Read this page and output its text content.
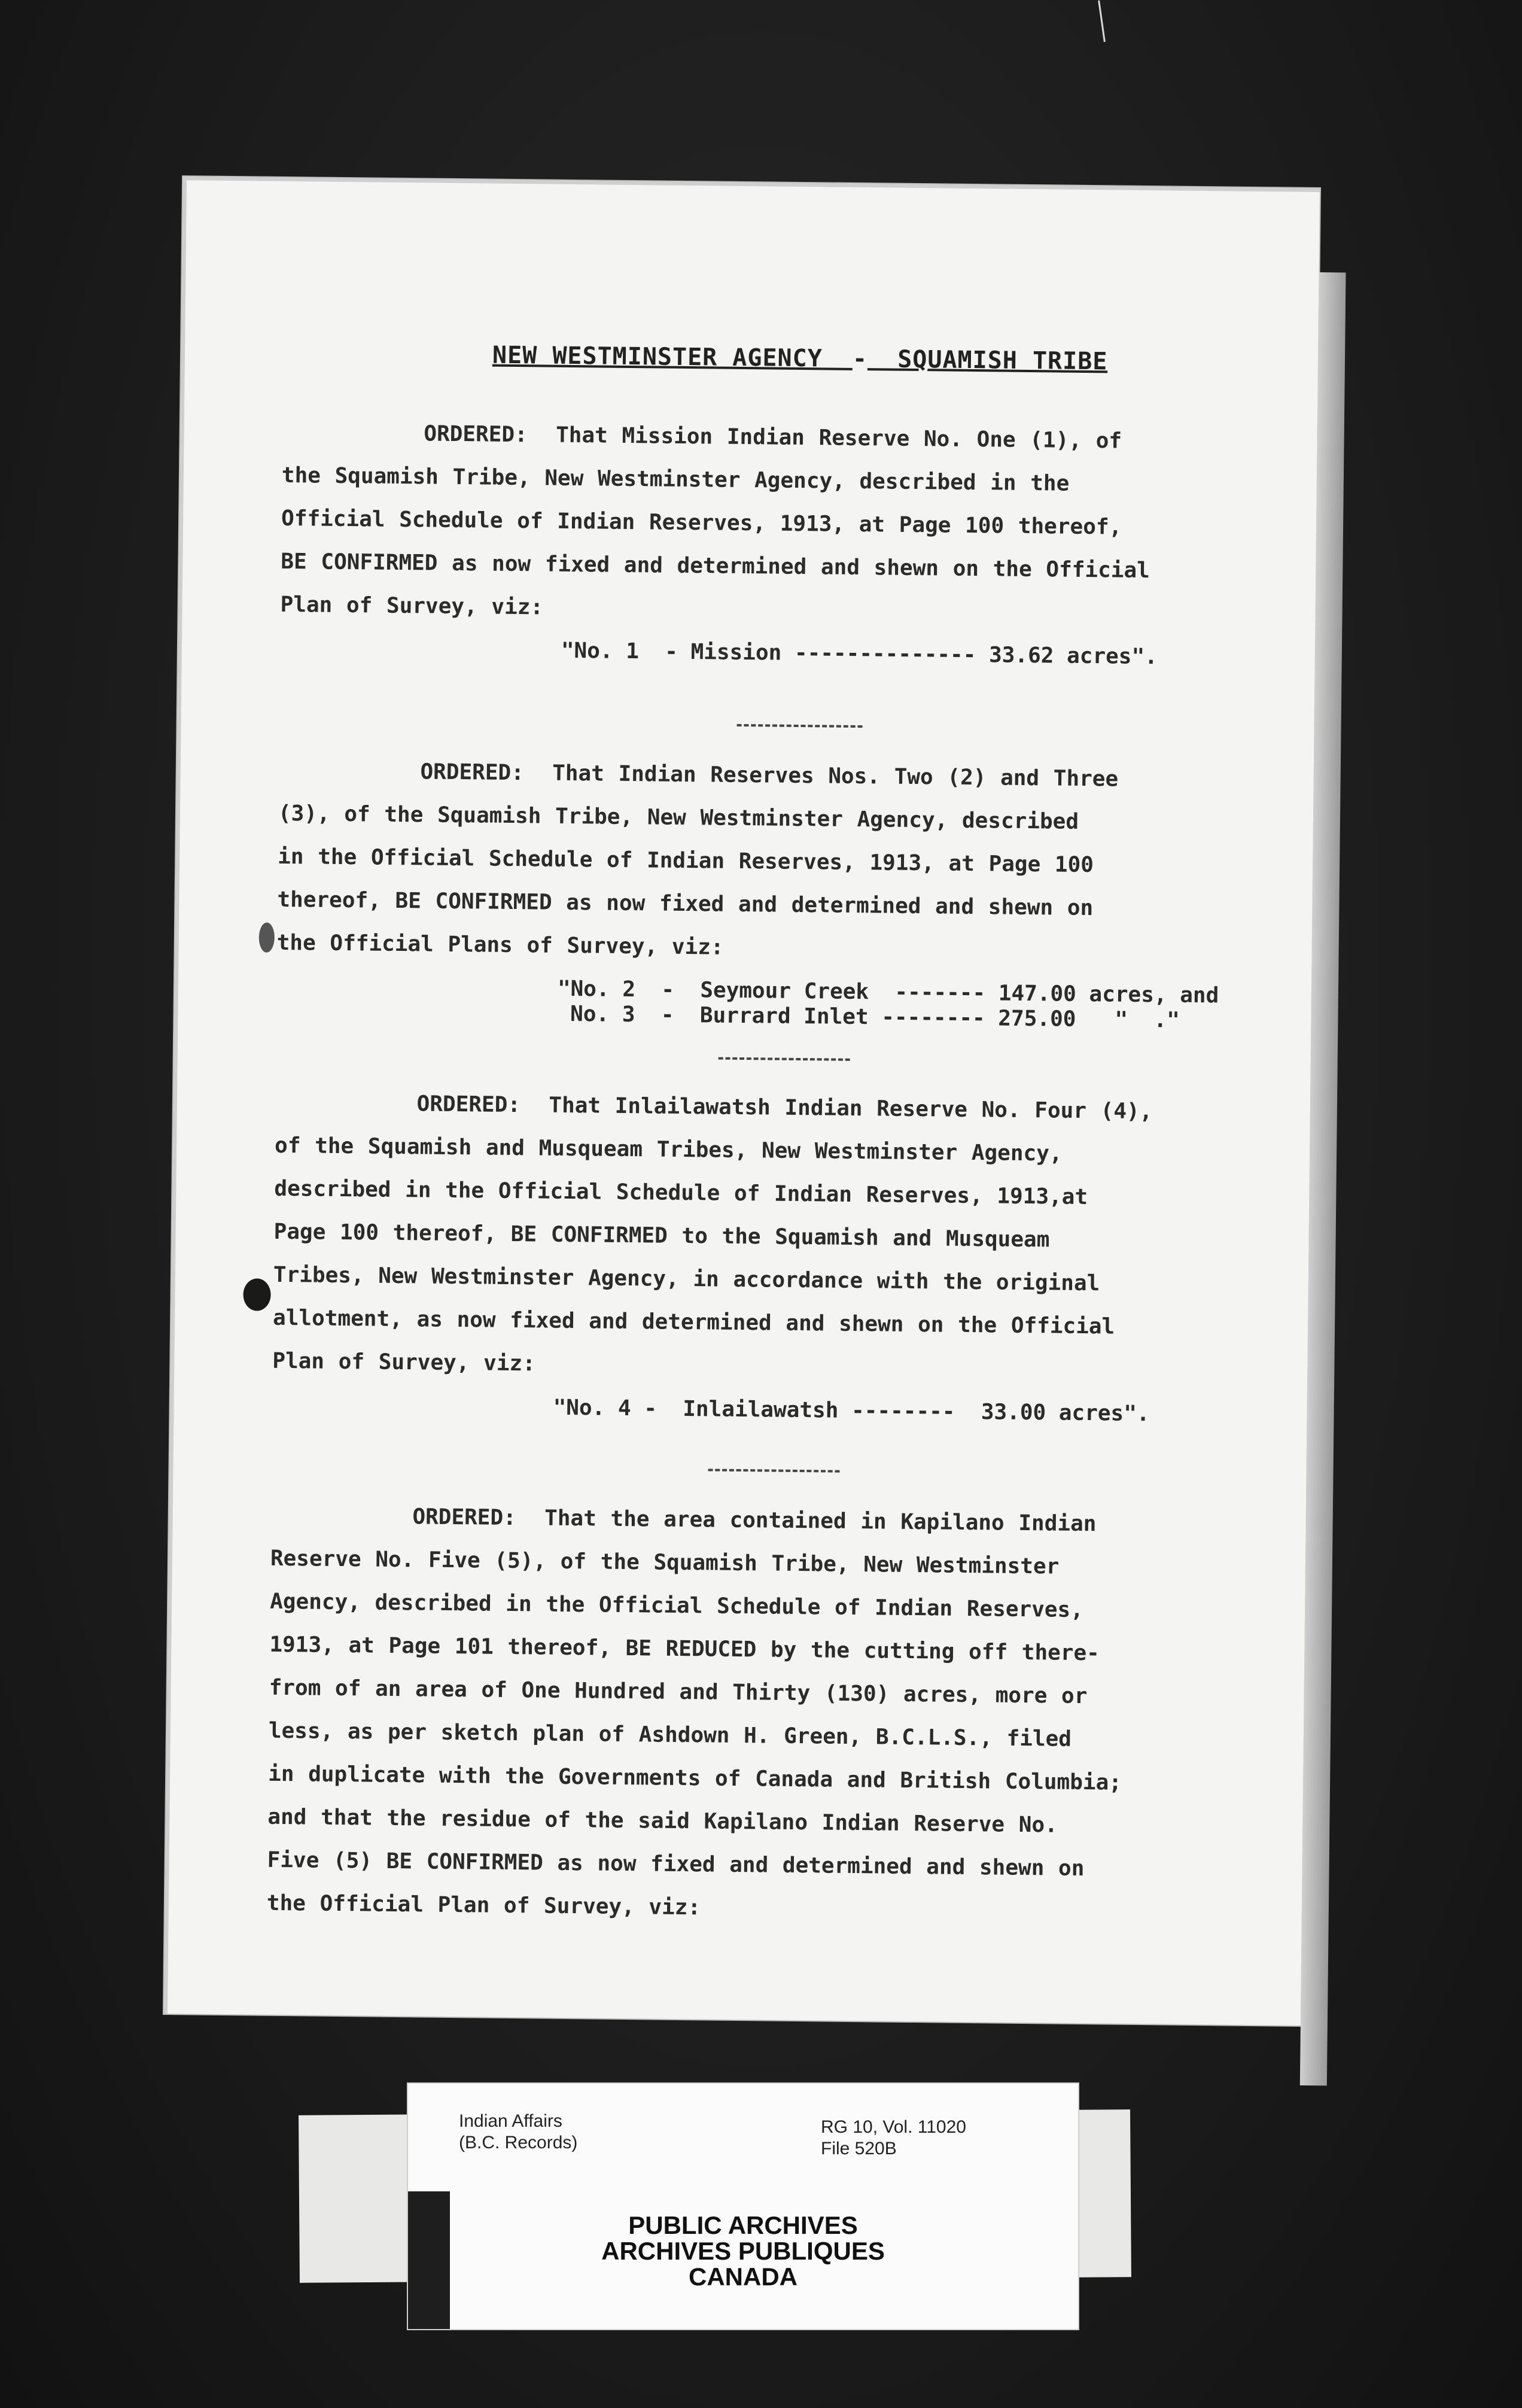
NEW WESTMINSTER AGENCY - SQUAMISH TRIBE
ORDERED:  That Mission Indian Reserve No. One (1), of
the Squamish Tribe, New Westminster Agency, described in the
Official Schedule of Indian Reserves, 1913, at Page 100 thereof,
BE CONFIRMED as now fixed and determined and shewn on the Official
Plan of Survey, viz:
"No. 1  - Mission -------------- 33.62 acres".
ORDERED:  That Indian Reserves Nos. Two (2) and Three
(3), of the Squamish Tribe, New Westminster Agency, described
in the Official Schedule of Indian Reserves, 1913, at Page 100
thereof, BE CONFIRMED as now fixed and determined and shewn on
the Official Plans of Survey, viz:
"No. 2  -  Seymour Creek  ------- 147.00 acres, and
No. 3  -  Burrard Inlet -------- 275.00   "  ."
ORDERED:  That Inlailawatsh Indian Reserve No. Four (4),
of the Squamish and Musqueam Tribes, New Westminster Agency,
described in the Official Schedule of Indian Reserves, 1913,at
Page 100 thereof, BE CONFIRMED to the Squamish and Musqueam
Tribes, New Westminster Agency, in accordance with the original
allotment, as now fixed and determined and shewn on the Official
Plan of Survey, viz:
"No. 4 -  Inlailawatsh --------  33.00 acres".
ORDERED:  That the area contained in Kapilano Indian
Reserve No. Five (5), of the Squamish Tribe, New Westminster
Agency, described in the Official Schedule of Indian Reserves,
1913, at Page 101 thereof, BE REDUCED by the cutting off there-
from of an area of One Hundred and Thirty (130) acres, more or
less, as per sketch plan of Ashdown H. Green, B.C.L.S., filed
in duplicate with the Governments of Canada and British Columbia;
and that the residue of the said Kapilano Indian Reserve No.
Five (5) BE CONFIRMED as now fixed and determined and shewn on
the Official Plan of Survey, viz:
Indian Affairs
(B.C. Records)
RG 10, Vol. 11020
File 520B
PUBLIC ARCHIVES
ARCHIVES PUBLIQUES
CANADA
